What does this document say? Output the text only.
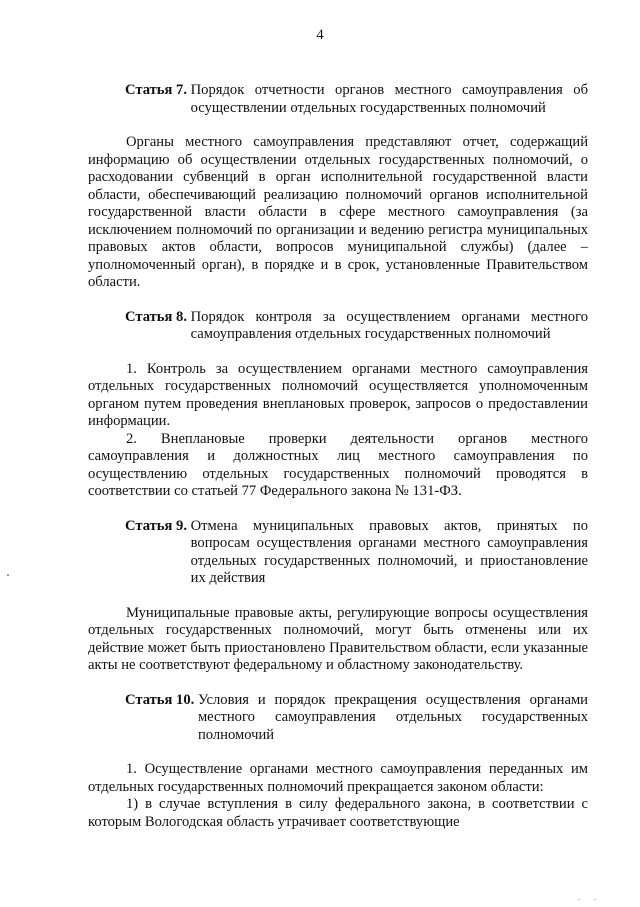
4
Статья 7. Порядок отчетности органов местного самоуправления об осуществлении отдельных государственных полномочий

Органы местного самоуправления представляют отчет, содержащий информацию об осуществлении отдельных государственных полномочий, о расходовании субвенций в орган исполнительной государственной власти области, обеспечивающий реализацию полномочий органов исполнительной государственной власти области в сфере местного самоуправления (за исключением полномочий по организации и ведению регистра муниципальных правовых актов области, вопросов муниципальной службы) (далее – уполномоченный орган), в порядке и в срок, установленные Правительством области.

Статья 8. Порядок контроля за осуществлением органами местного самоуправления отдельных государственных полномочий

1. Контроль за осуществлением органами местного самоуправления отдельных государственных полномочий осуществляется уполномоченным органом путем проведения внеплановых проверок, запросов о предоставлении информации.

2. Внеплановые проверки деятельности органов местного самоуправления и должностных лиц местного самоуправления по осуществлению отдельных государственных полномочий проводятся в соответствии со статьей 77 Федерального закона № 131-ФЗ.

Статья 9. Отмена муниципальных правовых актов, принятых по вопросам осуществления органами местного самоуправления отдельных государственных полномочий, и приостановление их действия

Муниципальные правовые акты, регулирующие вопросы осуществления отдельных государственных полномочий, могут быть отменены или их действие может быть приостановлено Правительством области, если указанные акты не соответствуют федеральному и областному законодательству.

Статья 10. Условия и порядок прекращения осуществления органами местного самоуправления отдельных государственных полномочий

1. Осуществление органами местного самоуправления переданных им отдельных государственных полномочий прекращается законом области:

1) в случае вступления в силу федерального закона, в соответствии с которым Вологодская область утрачивает соответствующие

. .
